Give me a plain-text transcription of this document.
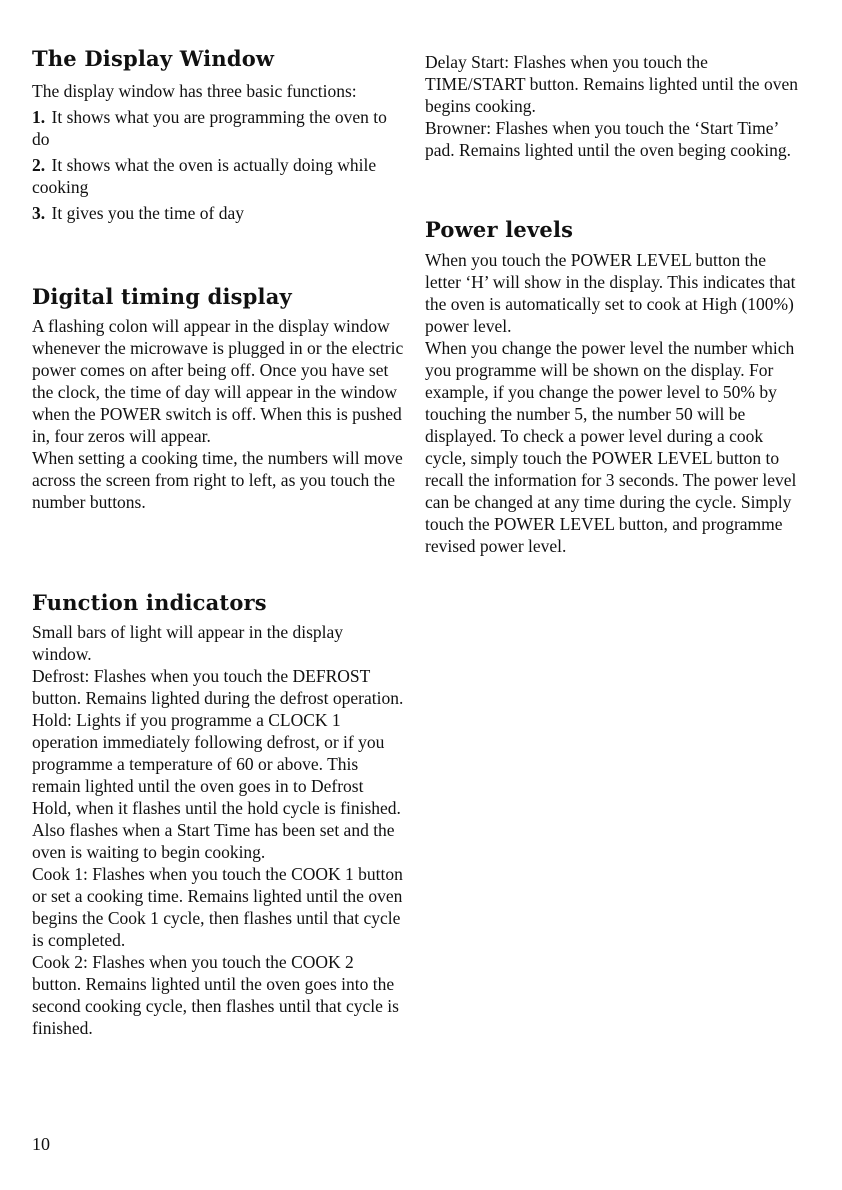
The Display Window

The display window has three basic functions:

1. It shows what you are programming the oven to do

2. It shows what the oven is actually doing while cooking

3. It gives you the time of day

Digital timing display

A flashing colon will appear in the display window whenever the microwave is plugged in or the electric power comes on after being off. Once you have set the clock, the time of day will appear in the window when the POWER switch is off. When this is pushed in, four zeros will appear.

When setting a cooking time, the numbers will move across the screen from right to left, as you touch the number buttons.

Function indicators

Small bars of light will appear in the display window.

Defrost: Flashes when you touch the DEFROST button. Remains lighted during the defrost operation.

Hold: Lights if you programme a CLOCK 1 operation immediately following defrost, or if you programme a temperature of 60 or above. This remain lighted until the oven goes in to Defrost Hold, when it flashes until the hold cycle is finished. Also flashes when a Start Time has been set and the oven is waiting to begin cooking.

Cook 1: Flashes when you touch the COOK 1 button or set a cooking time. Remains lighted until the oven begins the Cook 1 cycle, then flashes until that cycle is completed.

Cook 2: Flashes when you touch the COOK 2 button. Remains lighted until the oven goes into the second cooking cycle, then flashes until that cycle is finished.

Delay Start: Flashes when you touch the TIME/START button. Remains lighted until the oven begins cooking.

Browner: Flashes when you touch the ‘Start Time’ pad. Remains lighted until the oven beging cooking.

Power levels

When you touch the POWER LEVEL button the letter ‘H’ will show in the display. This indicates that the oven is automatically set to cook at High (100%) power level.

When you change the power level the number which you programme will be shown on the display. For example, if you change the power level to 50% by touching the number 5, the number 50 will be displayed. To check a power level during a cook cycle, simply touch the POWER LEVEL button to recall the information for 3 seconds. The power level can be changed at any time during the cycle. Simply touch the POWER LEVEL button, and programme revised power level.

10
